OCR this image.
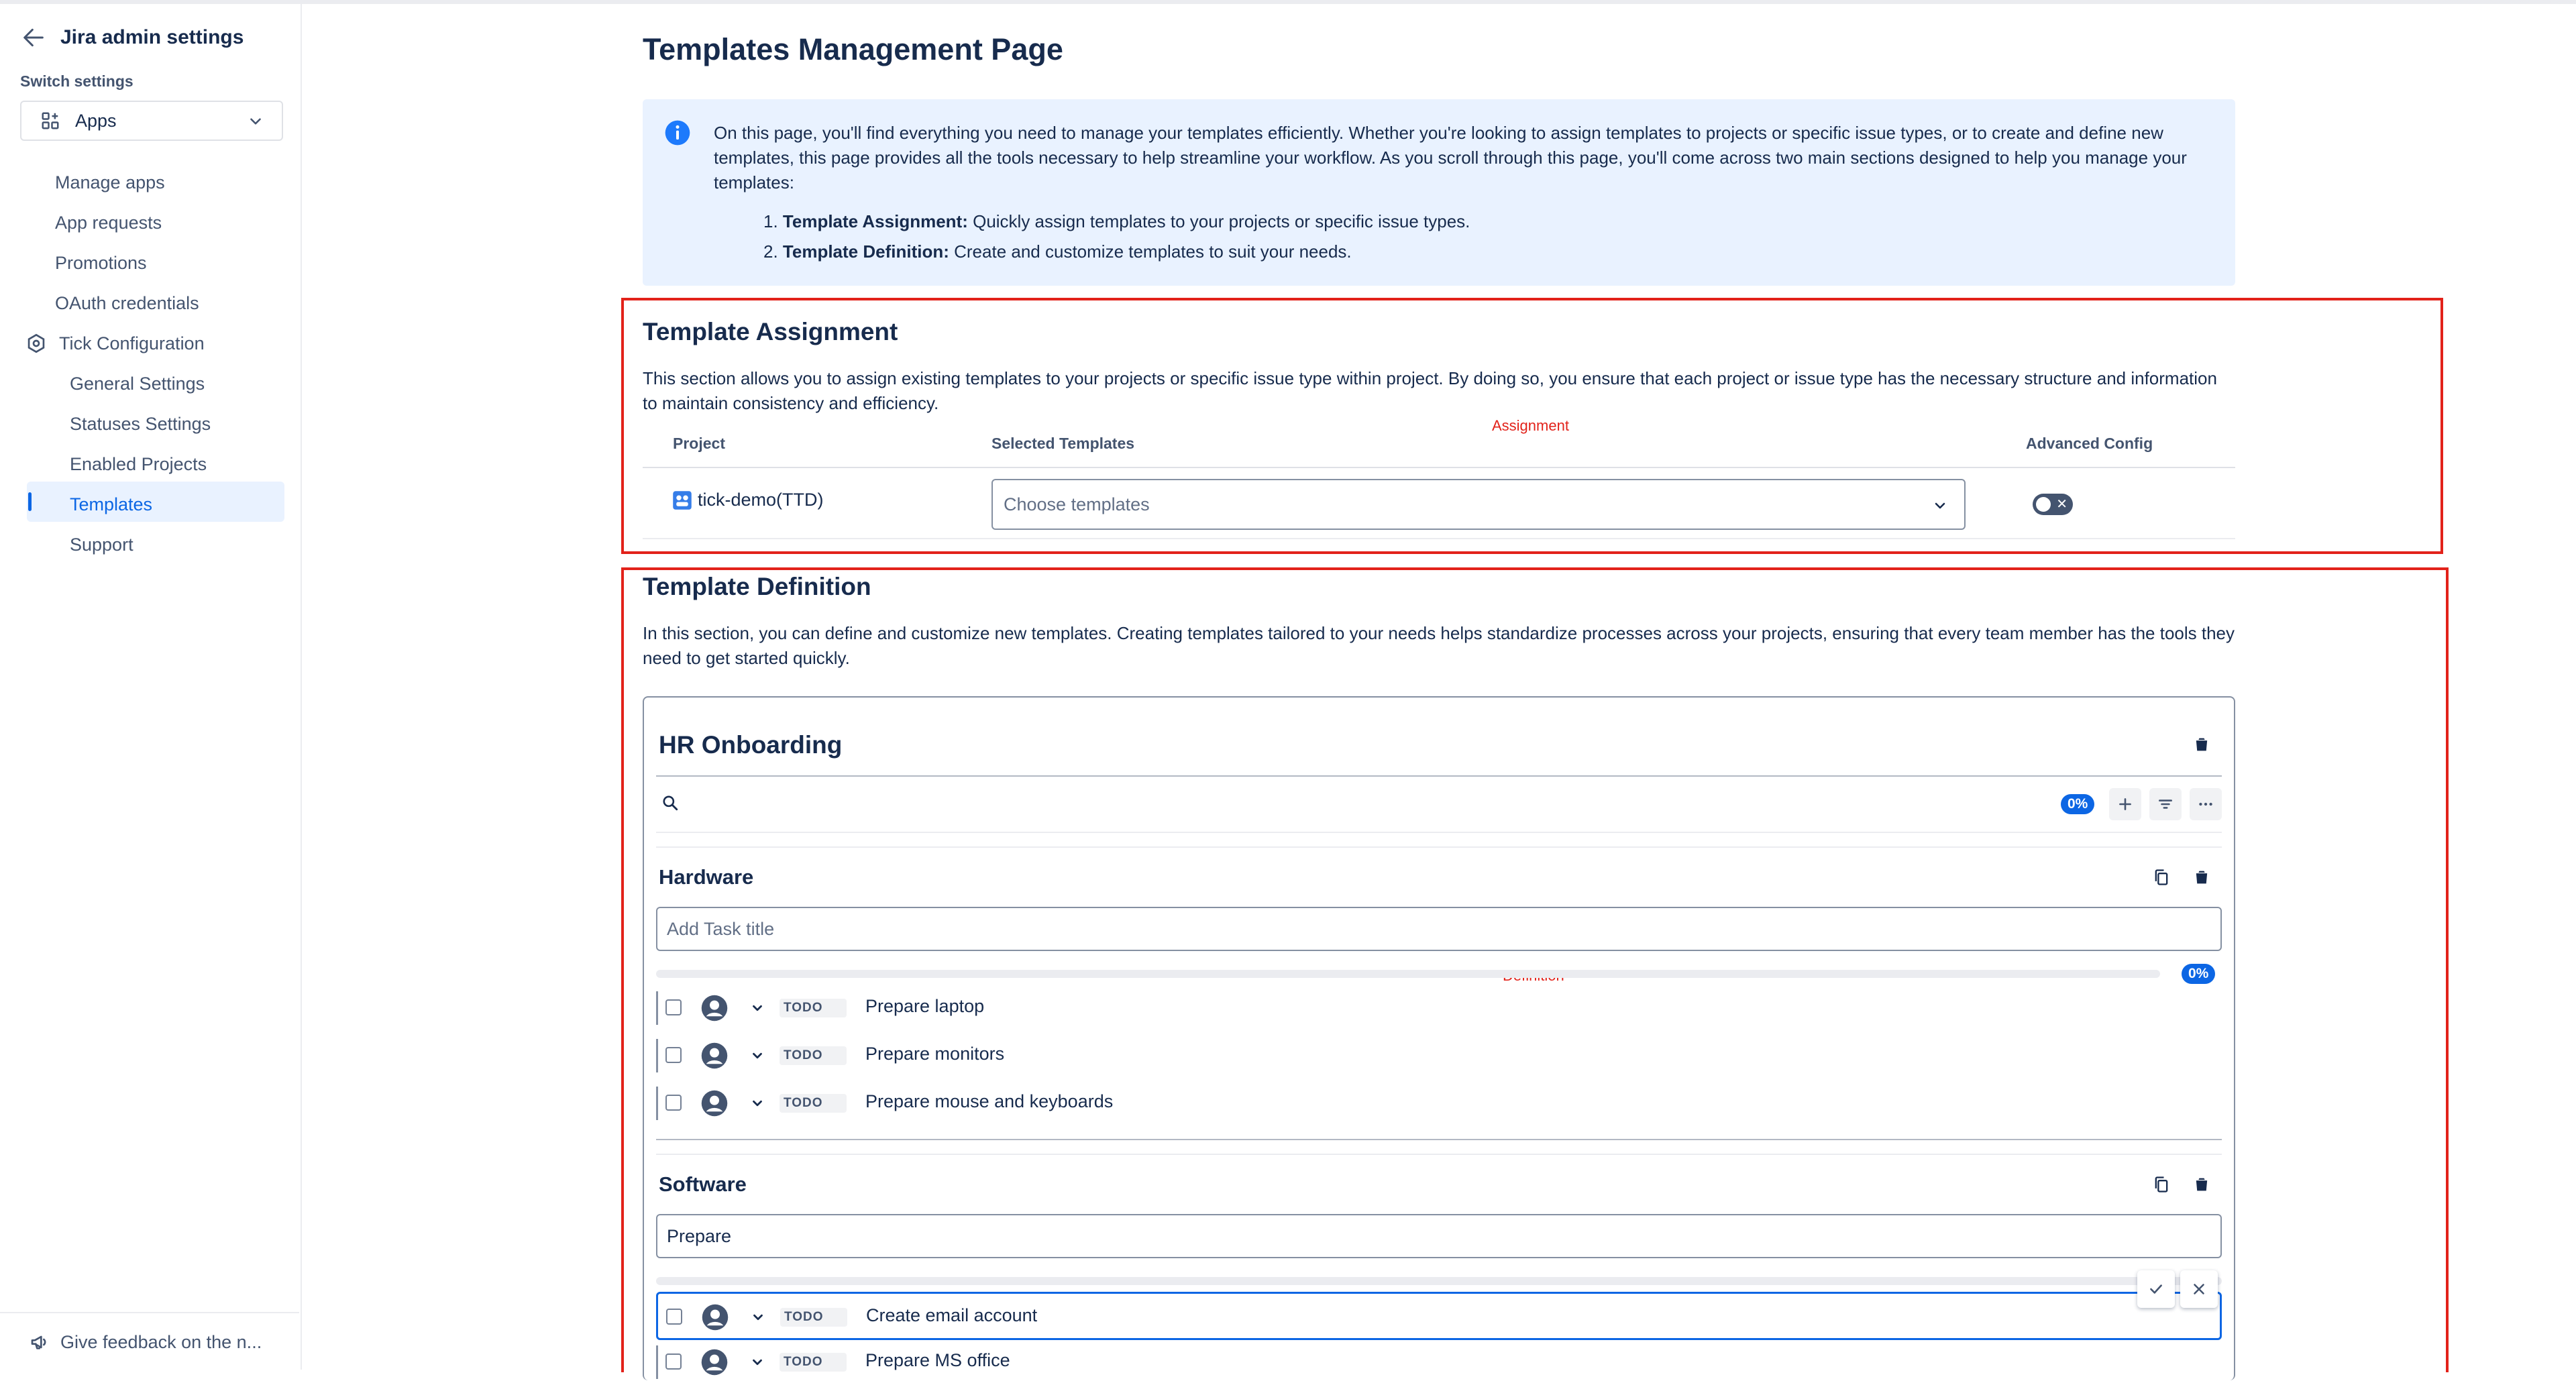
Jira admin settings
Switch settings
Apps
Manage apps
App requests
Promotions
OAuth credentials
Tick Configuration
General Settings
Statuses Settings
Enabled Projects
Templates
Support
Give feedback on the n...
Templates Management Page
On this page, you'll find everything you need to manage your templates efficiently. Whether you're looking to assign templates to projects or specific issue types, or to create and define new templates, this page provides all the tools necessary to help streamline your workflow. As you scroll through this page, you'll come across two main sections designed to help you manage your templates:
1. Template Assignment: Quickly assign templates to your projects or specific issue types.
2. Template Definition: Create and customize templates to suit your needs.
Assignment
Template Assignment
This section allows you to assign existing templates to your projects or specific issue type within project. By doing so, you ensure that each project or issue type has the necessary structure and information to maintain consistency and efficiency.
Project	Selected Templates	Advanced Config
tick-demo(TTD)	Choose templates	✕
Template Definition
In this section, you can define and customize new templates. Creating templates tailored to your needs helps standardize processes across your projects, ensuring that every team member has the tools they need to get started quickly.
HR Onboarding
0%
Hardware
Add Task title
0%
TODO	Prepare laptop
TODO	Prepare monitors
TODO	Prepare mouse and keyboards
Software
Prepare
TODO	Create email account
TODO	Prepare MS office
